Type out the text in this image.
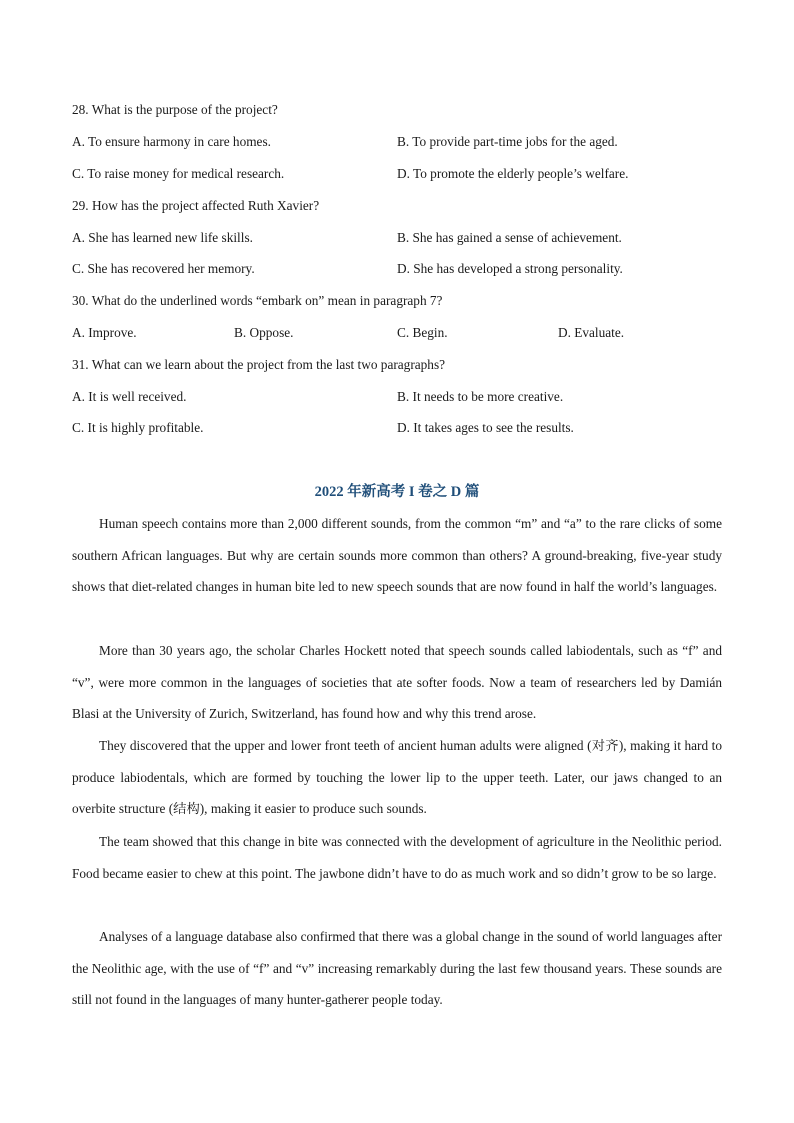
28. What is the purpose of the project?
A. To ensure harmony in care homes.	B. To provide part-time jobs for the aged.
C. To raise money for medical research.	D. To promote the elderly people’s welfare.
29. How has the project affected Ruth Xavier?
A. She has learned new life skills.	B. She has gained a sense of achievement.
C. She has recovered her memory.	D. She has developed a strong personality.
30. What do the underlined words “embark on” mean in paragraph 7?
A. Improve.	B. Oppose.	C. Begin.	D. Evaluate.
31. What can we learn about the project from the last two paragraphs?
A. It is well received.	B. It needs to be more creative.
C. It is highly profitable.	D. It takes ages to see the results.
2022 年新高考 I 卷之 D 篇

Human speech contains more than 2,000 different sounds, from the common “m” and “a” to the rare clicks of some southern African languages. But why are certain sounds more common than others? A ground-breaking, five-year study shows that diet-related changes in human bite led to new speech sounds that are now found in half the world’s languages.

More than 30 years ago, the scholar Charles Hockett noted that speech sounds called labiodentals, such as “f” and “v”, were more common in the languages of societies that ate softer foods. Now a team of researchers led by Damián Blasi at the University of Zurich, Switzerland, has found how and why this trend arose.

They discovered that the upper and lower front teeth of ancient human adults were aligned (对齐), making it hard to produce labiodentals, which are formed by touching the lower lip to the upper teeth. Later, our jaws changed to an overbite structure (结构), making it easier to produce such sounds.

The team showed that this change in bite was connected with the development of agriculture in the Neolithic period. Food became easier to chew at this point. The jawbone didn’t have to do as much work and so didn’t grow to be so large.

Analyses of a language database also confirmed that there was a global change in the sound of world languages after the Neolithic age, with the use of “f” and “v” increasing remarkably during the last few thousand years. These sounds are still not found in the languages of many hunter-gatherer people today.
